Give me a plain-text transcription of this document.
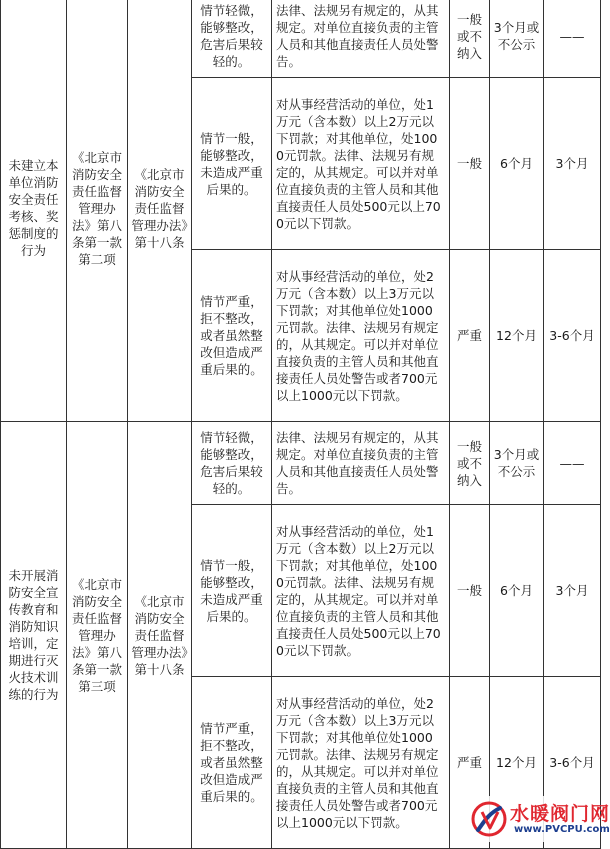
未建立本单位消防安全责任考核、奖惩制度的行为	《北京市消防安全责任监督管理办法》第八条第一款第二项	《北京市消防安全责任监督管理办法》第十八条	情节轻微，能够整改，危害后果较轻的。	法律、法规另有规定的，从其规定。对单位直接负责的主管人员和其他直接责任人员处警告。	一般或不纳入	3个月或不公示	——
			情节一般，能够整改，未造成严重后果的。	对从事经营活动的单位，处1万元（含本数）以上2万元以下罚款；对其他单位，处1000元罚款。法律、法规另有规定的，从其规定。可以并对单位直接负责的主管人员和其他直接责任人员处500元以上700元以下罚款。	一般	6个月	3个月
			情节严重，拒不整改，或者虽然整改但造成严重后果的。	对从事经营活动的单位，处2万元（含本数）以上3万元以下罚款；对其他单位处1000元罚款。法律、法规另有规定的，从其规定。可以并对单位直接负责的主管人员和其他直接责任人员处警告或者700元以上1000元以下罚款。	严重	12个月	3-6个月
未开展消防安全宣传教育和消防知识培训，定期进行灭火技术训练的行为	《北京市消防安全责任监督管理办法》第八条第一款第三项	《北京市消防安全责任监督管理办法》第十八条	情节轻微，能够整改，危害后果较轻的。	法律、法规另有规定的，从其规定。对单位直接负责的主管人员和其他直接责任人员处警告。	一般或不纳入	3个月或不公示	——
			情节一般，能够整改，未造成严重后果的。	对从事经营活动的单位，处1万元（含本数）以上2万元以下罚款；对其他单位，处1000元罚款。法律、法规另有规定的，从其规定。可以并对单位直接负责的主管人员和其他直接责任人员处500元以上700元以下罚款。	一般	6个月	3个月
			情节严重，拒不整改，或者虽然整改但造成严重后果的。	对从事经营活动的单位，处2万元（含本数）以上3万元以下罚款；对其他单位处1000元罚款。法律、法规另有规定的，从其规定。可以并对单位直接负责的主管人员和其他直接责任人员处警告或者700元以上1000元以下罚款。	严重	12个月	3-6个月
水暖阀门网
www.PVCPU.com
